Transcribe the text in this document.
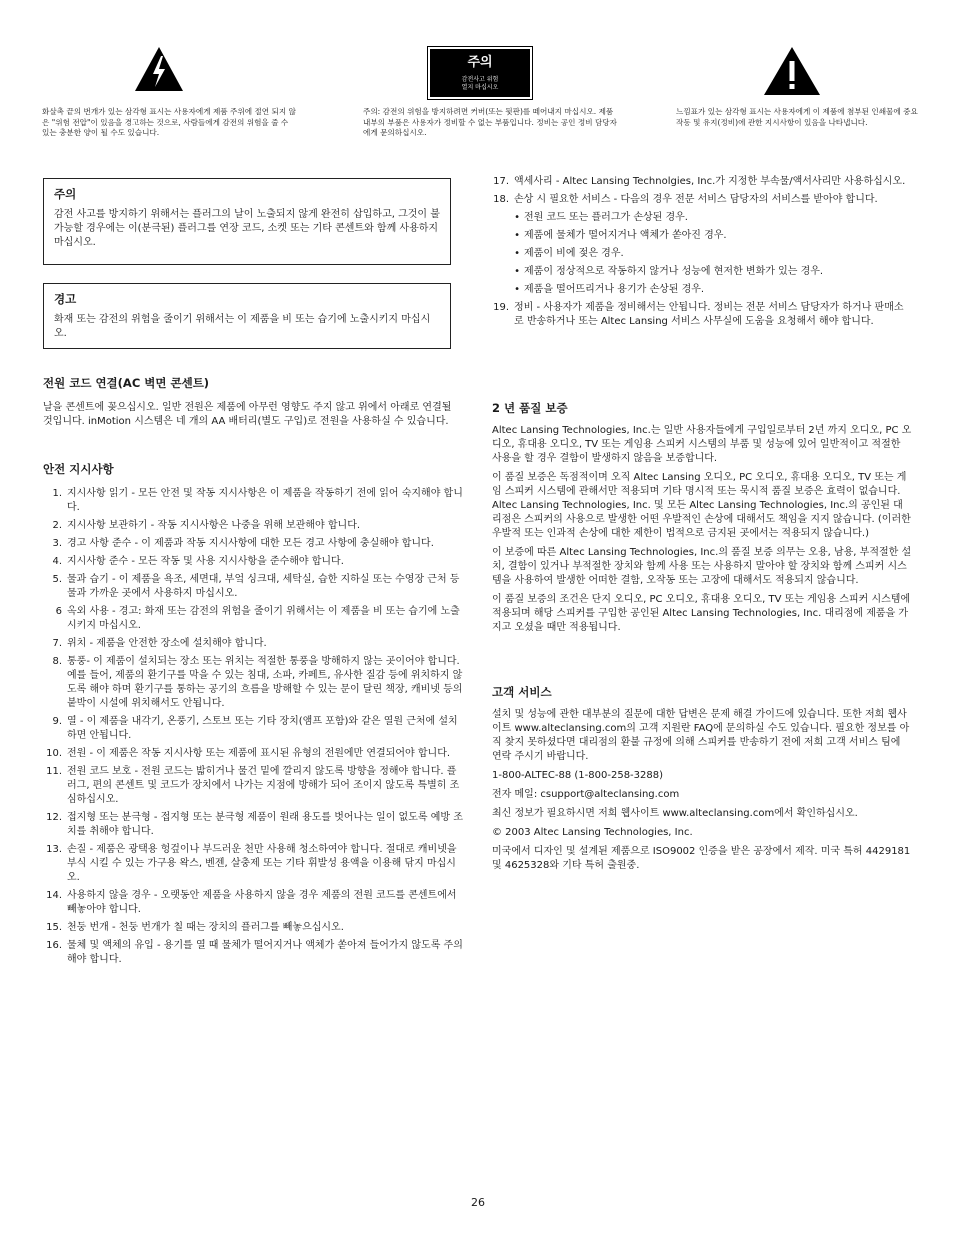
주의
감전사고 위험
열지 마십시오
화살촉 끝의 번개가 있는 삼각형 표시는 사용자에게 제품 주위에 절연 되지 않은 "위험 전압"이 있음을 경고하는 것으로, 사람들에게 감전의 위험을 줄 수 있는 충분한 양이 될 수도 있습니다.
주의: 감전의 위험을 방지하려면 커버(또는 뒷판)를 떼어내지 마십시오. 제품 내부의 부품은 사용자가 정비할 수 없는 부품입니다. 정비는 공인 정비 담당자에게 문의하십시오.
느낌표가 있는 삼각형 표시는 사용자에게 이 제품에 첨부된 인쇄물에 중요 작동 및 유지(정비)에 관한 지시사항이 있음을 나타냅니다.
주의
감전 사고를 방지하기 위해서는 플러그의 날이 노출되지 않게 완전히 삽입하고, 그것이 불가능할 경우에는 이(분극된) 플러그를 연장 코드, 소켓 또는 기타 콘센트와 함께 사용하지 마십시오.
경고
화재 또는 감전의 위험을 줄이기 위해서는 이 제품을 비 또는 습기에 노출시키지 마십시오.
전원 코드 연결(AC 벽면 콘센트)
날을 콘센트에 꽂으십시오. 일반 전원은 제품에 아무런 영향도 주지 않고 위에서 아래로 연결될 것입니다. inMotion 시스템은 네 개의 AA 배터리(별도 구입)로 전원을 사용하실 수 있습니다.
안전 지시사항
1. 지시사항 읽기 - 모든 안전 및 작동 지시사항은 이 제품을 작동하기 전에 읽어 숙지해야 합니다.
2. 지시사항 보관하기 - 작동 지시사항은 나중을 위해 보관해야 합니다.
3. 경고 사항 준수 - 이 제품과 작동 지시사항에 대한 모든 경고 사항에 충실해야 합니다.
4. 지시사항 준수 - 모든 작동 및 사용 지시사항을 준수해야 합니다.
5. 물과 습기 - 이 제품을 욕조, 세면대, 부엌 싱크대, 세탁실, 습한 지하실 또는 수영장 근처 등 물과 가까운 곳에서 사용하지 마십시오.
6 옥외 사용 - 경고: 화재 또는 감전의 위험을 줄이기 위해서는 이 제품을 비 또는 습기에 노출시키지 마십시오.
7. 위치 - 제품을 안전한 장소에 설치해야 합니다.
8. 통풍- 이 제품이 설치되는 장소 또는 위치는 적절한 통풍을 방해하지 않는 곳이어야 합니다. 예를 들어, 제품의 환기구를 막을 수 있는 침대, 소파, 카페트, 유사한 질감 등에 위치하지 않도록 해야 하며 환기구를 통하는 공기의 흐름을 방해할 수 있는 문이 달린 책장, 캐비넷 등의 붙박이 시설에 위치해서도 안됩니다.
9. 열 - 이 제품을 내각기, 온풍기, 스토브 또는 기타 장치(앰프 포함)와 같은 열원 근처에 설치하면 안됩니다.
10. 전원 - 이 제품은 작동 지시사항 또는 제품에 표시된 유형의 전원에만 연결되어야 합니다.
11. 전원 코드 보호 - 전원 코드는 밟히거나 물건 밑에 깔리지 않도록 방향을 정해야 합니다. 플러그, 편의 콘센트 및 코드가 장치에서 나가는 지점에 방해가 되어 조이지 않도록 특별히 조심하십시오.
12. 접지형 또는 분극형 - 접지형 또는 분극형 제품이 원래 용도를 벗어나는 일이 없도록 예방 조치를 취해야 합니다.
13. 손질 - 제품은 광택용 헝겊이나 부드러운 천만 사용해 청소하여야 합니다. 절대로 캐비넷을 부식 시킬 수 있는 가구용 왁스, 벤젠, 살충제 또는 기타 휘발성 용액을 이용해 닦지 마십시오.
14. 사용하지 않을 경우 - 오랫동안 제품을 사용하지 않을 경우 제품의 전원 코드를 콘센트에서 빼놓아야 합니다.
15. 천둥 번개 - 천둥 번개가 칠 때는 장치의 플러그를 빼놓으십시오.
16. 물체 및 액체의 유입 - 용기를 열 때 물체가 떨어지거나 액체가 쏟아져 들어가지 않도록 주의해야 합니다.
17. 액세사리 - Altec Lansing Technolgies, Inc.가 지정한 부속물/액서사리만 사용하십시오.
18. 손상 시 필요한 서비스 - 다음의 경우 전문 서비스 담당자의 서비스를 받아야 합니다.
• 전원 코드 또는 플러그가 손상된 경우.
• 제품에 물체가 떨어지거나 액체가 쏟아진 경우.
• 제품이 비에 젖은 경우.
• 제품이 정상적으로 작동하지 않거나 성능에 현저한 변화가 있는 경우.
• 제품을 떨어뜨리거나 용기가 손상된 경우.
19. 정비 - 사용자가 제품을 정비해서는 안됩니다. 정비는 전문 서비스 담당자가 하거나 판매소로 반송하거나 또는 Altec Lansing 서비스 사무실에 도움을 요청해서 해야 합니다.
2 년 품질 보증

Altec Lansing Technologies, Inc.는 일반 사용자들에게 구입일로부터 2년 까지 오디오, PC 오디오, 휴대용 오디오, TV 또는 게임용 스피커 시스템의 부품 및 성능에 있어 일반적이고 적절한 사용을 할 경우 결함이 발생하지 않음을 보증합니다.

이 품질 보증은 독점적이며 오직 Altec Lansing 오디오, PC 오디오, 휴대용 오디오, TV 또는 게임 스피커 시스템에 관해서만 적용되며 기타 명시적 또는 묵시적 품질 보증은 효력이 없습니다. Altec Lansing Technologies, Inc. 및 모든 Altec Lansing Technologies, Inc.의 공인된 대리점은 스피커의 사용으로 발생한 어떤 우발적인 손상에 대해서도 책임을 지지 않습니다. (이러한 우발적 또는 인과적 손상에 대한 제한이 법적으로 금지된 곳에서는 적용되지 않습니다.)

이 보증에 따른 Altec Lansing Technologies, Inc.의 품질 보증 의무는 오용, 남용, 부적절한 설치, 결함이 있거나 부적절한 장치와 함께 사용 또는 사용하지 말아야 할 장치와 함께 스피커 시스템을 사용하여 발생한 어떠한 결함, 오작동 또는 고장에 대해서도 적용되지 않습니다.

이 품질 보증의 조건은 단지 오디오, PC 오디오, 휴대용 오디오, TV 또는 게임용 스피커 시스템에 적용되며 해당 스피커를 구입한 공인된 Altec Lansing Technologies, Inc. 대리점에 제품을 가지고 오셨을 때만 적용됩니다.

고객 서비스

설치 및 성능에 관한 대부분의 질문에 대한 답변은 문제 해결 가이드에 있습니다. 또한 저희 웹사이트 www.alteclansing.com의 고객 지원란 FAQ에 문의하실 수도 있습니다. 필요한 정보를 아직 찾지 못하셨다면 대리점의 환불 규정에 의해 스피커를 반송하기 전에 저희 고객 서비스 팀에 연락 주시기 바랍니다.

1-800-ALTEC-88 (1-800-258-3288)

전자 메일: csupport@alteclansing.com

최신 정보가 필요하시면 저희 웹사이트 www.alteclansing.com에서 확인하십시오.

© 2003 Altec Lansing Technologies, Inc.

미국에서 디자인 및 설계된 제품으로 ISO9002 인증을 받은 공장에서 제작. 미국 특허 4429181 및 4625328와 기타 특허 출원중.

26
